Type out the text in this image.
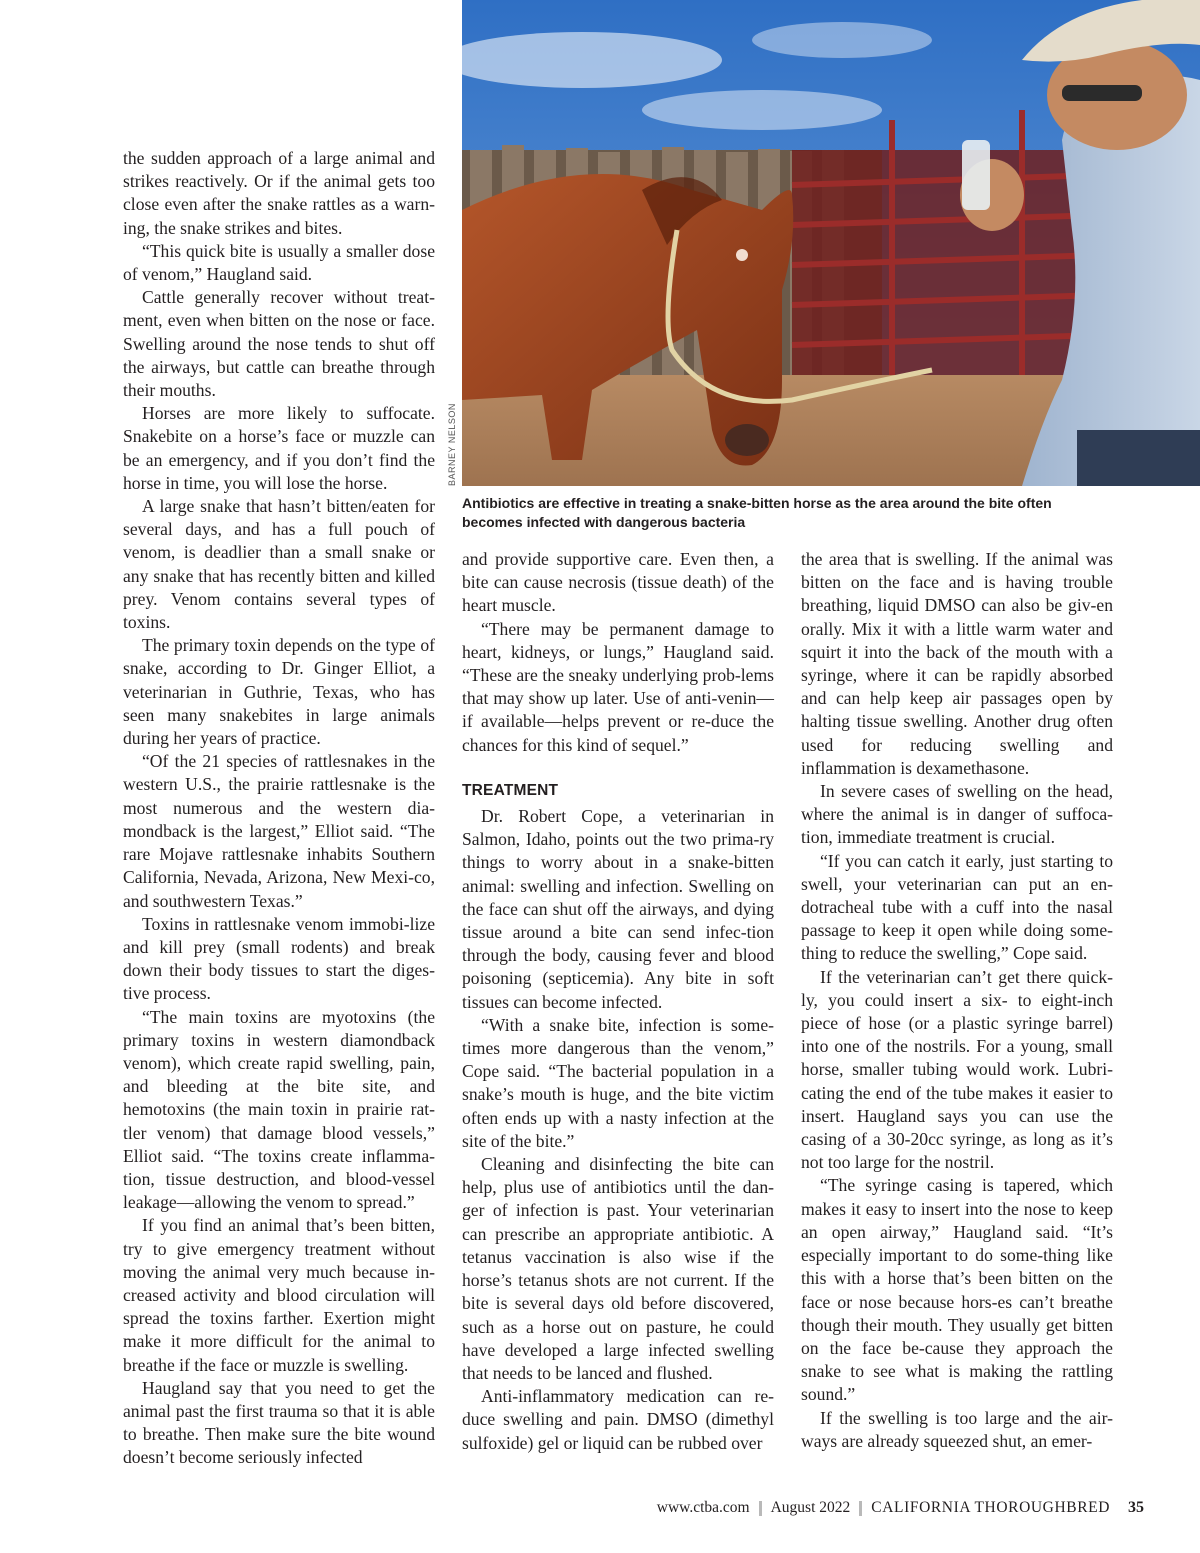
BARNEY NELSON
Antibiotics are effective in treating a snake-bitten horse as the area around the bite often becomes infected with dangerous bacteria

the sudden approach of a large animal and strikes reactively. Or if the animal gets too close even after the snake rattles as a warn-ing, the snake strikes and bites.

“This quick bite is usually a smaller dose of venom,” Haugland said.

Cattle generally recover without treat-ment, even when bitten on the nose or face. Swelling around the nose tends to shut off the airways, but cattle can breathe through their mouths.

Horses are more likely to suffocate. Snakebite on a horse’s face or muzzle can be an emergency, and if you don’t find the horse in time, you will lose the horse.

A large snake that hasn’t bitten/eaten for several days, and has a full pouch of venom, is deadlier than a small snake or any snake that has recently bitten and killed prey. Venom contains several types of toxins.

The primary toxin depends on the type of snake, according to Dr. Ginger Elliot, a veterinarian in Guthrie, Texas, who has seen many snakebites in large animals during her years of practice.

“Of the 21 species of rattlesnakes in the western U.S., the prairie rattlesnake is the most numerous and the western dia-mondback is the largest,” Elliot said. “The rare Mojave rattlesnake inhabits Southern California, Nevada, Arizona, New Mexi-co, and southwestern Texas.”

Toxins in rattlesnake venom immobi-lize and kill prey (small rodents) and break down their body tissues to start the diges-tive process.

“The main toxins are myotoxins (the primary toxins in western diamondback venom), which create rapid swelling, pain, and bleeding at the bite site, and hemotoxins (the main toxin in prairie rat-tler venom) that damage blood vessels,” Elliot said. “The toxins create inflamma-tion, tissue destruction, and blood-vessel leakage—allowing the venom to spread.”

If you find an animal that’s been bitten, try to give emergency treatment without moving the animal very much because in-creased activity and blood circulation will spread the toxins farther. Exertion might make it more difficult for the animal to breathe if the face or muzzle is swelling.

Haugland say that you need to get the animal past the first trauma so that it is able to breathe. Then make sure the bite wound doesn’t become seriously infected

and provide supportive care. Even then, a bite can cause necrosis (tissue death) of the heart muscle.

“There may be permanent damage to heart, kidneys, or lungs,” Haugland said. “These are the sneaky underlying prob-lems that may show up later. Use of anti-venin—if available—helps prevent or re-duce the chances for this kind of sequel.”

TREATMENT

Dr. Robert Cope, a veterinarian in Salmon, Idaho, points out the two prima-ry things to worry about in a snake-bitten animal: swelling and infection. Swelling on the face can shut off the airways, and dying tissue around a bite can send infec-tion through the body, causing fever and blood poisoning (septicemia). Any bite in soft tissues can become infected.

“With a snake bite, infection is some-times more dangerous than the venom,” Cope said. “The bacterial population in a snake’s mouth is huge, and the bite victim often ends up with a nasty infection at the site of the bite.”

Cleaning and disinfecting the bite can help, plus use of antibiotics until the dan-ger of infection is past. Your veterinarian can prescribe an appropriate antibiotic. A tetanus vaccination is also wise if the horse’s tetanus shots are not current. If the bite is several days old before discovered, such as a horse out on pasture, he could have developed a large infected swelling that needs to be lanced and flushed.

Anti-inflammatory medication can re-duce swelling and pain. DMSO (dimethyl sulfoxide) gel or liquid can be rubbed over

the area that is swelling. If the animal was bitten on the face and is having trouble breathing, liquid DMSO can also be giv-en orally. Mix it with a little warm water and squirt it into the back of the mouth with a syringe, where it can be rapidly absorbed and can help keep air passages open by halting tissue swelling. Another drug often used for reducing swelling and inflammation is dexamethasone.

In severe cases of swelling on the head, where the animal is in danger of suffoca-tion, immediate treatment is crucial.

“If you can catch it early, just starting to swell, your veterinarian can put an en-dotracheal tube with a cuff into the nasal passage to keep it open while doing some-thing to reduce the swelling,” Cope said.

If the veterinarian can’t get there quick-ly, you could insert a six- to eight-inch piece of hose (or a plastic syringe barrel) into one of the nostrils. For a young, small horse, smaller tubing would work. Lubri-cating the end of the tube makes it easier to insert. Haugland says you can use the casing of a 30-20cc syringe, as long as it’s not too large for the nostril.

“The syringe casing is tapered, which makes it easy to insert into the nose to keep an open airway,” Haugland said. “It’s especially important to do some-thing like this with a horse that’s been bitten on the face or nose because hors-es can’t breathe though their mouth. They usually get bitten on the face be-cause they approach the snake to see what is making the rattling sound.”

If the swelling is too large and the air-ways are already squeezed shut, an emer-

www.ctba.com August 2022 CALIFORNIA THOROUGHBRED 35
